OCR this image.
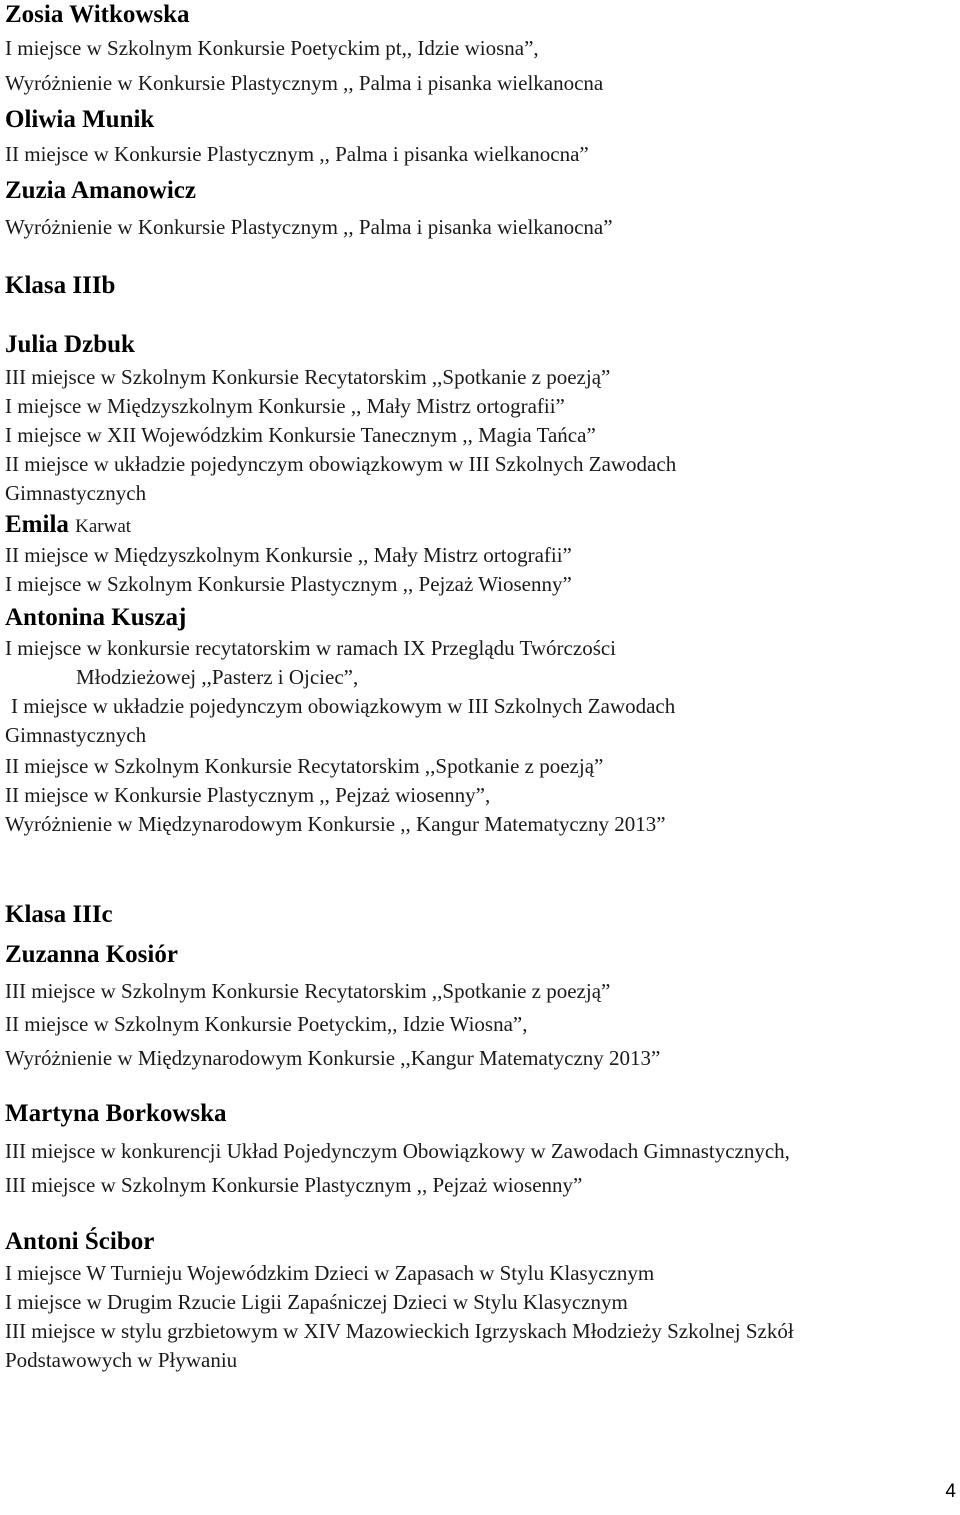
Zosia Witkowska
I miejsce w Szkolnym Konkursie Poetyckim pt,, Idzie wiosna”,
Wyróżnienie w Konkursie Plastycznym ,, Palma i pisanka wielkanocna
Oliwia Munik
II miejsce w Konkursie Plastycznym ,, Palma i pisanka wielkanocna”
Zuzia Amanowicz
Wyróżnienie w Konkursie Plastycznym ,, Palma i pisanka wielkanocna”
Klasa IIIb
Julia Dzbuk
III miejsce w Szkolnym Konkursie Recytatorskim ,,Spotkanie z poezją”
I miejsce w Międzyszkolnym Konkursie ,, Mały Mistrz ortografii”
I miejsce w XII Wojewódzkim Konkursie Tanecznym ,, Magia Tańca”
II miejsce w układzie pojedynczym obowiązkowym w III Szkolnych Zawodach
Gimnastycznych
Emila Karwat
II miejsce w Międzyszkolnym Konkursie ,, Mały Mistrz ortografii”
I miejsce w Szkolnym Konkursie Plastycznym ,, Pejzaż Wiosenny”
Antonina Kuszaj
I miejsce w konkursie recytatorskim w ramach IX Przeglądu Twórczości
Młodzieżowej ,,Pasterz i Ojciec”,
I miejsce w układzie pojedynczym obowiązkowym w III Szkolnych Zawodach
Gimnastycznych
II miejsce w Szkolnym Konkursie Recytatorskim ,,Spotkanie z poezją”
II miejsce w Konkursie Plastycznym ,, Pejzaż wiosenny”,
Wyróżnienie w Międzynarodowym Konkursie ,, Kangur Matematyczny 2013”
Klasa IIIc
Zuzanna Kosiór
III miejsce w Szkolnym Konkursie Recytatorskim ,,Spotkanie z poezją”
II miejsce w Szkolnym Konkursie Poetyckim,, Idzie Wiosna”,
Wyróżnienie w Międzynarodowym Konkursie ,,Kangur Matematyczny 2013”
Martyna Borkowska
III miejsce w konkurencji Układ Pojedynczym Obowiązkowy w Zawodach Gimnastycznych,
III miejsce w Szkolnym Konkursie Plastycznym ,, Pejzaż wiosenny”
Antoni Ścibor
I miejsce W Turnieju Wojewódzkim Dzieci w Zapasach w Stylu Klasycznym
I miejsce w Drugim Rzucie Ligii Zapaśniczej Dzieci w Stylu Klasycznym
III miejsce w stylu grzbietowym w XIV Mazowieckich Igrzyskach Młodzieży Szkolnej Szkół
Podstawowych w Pływaniu
4
